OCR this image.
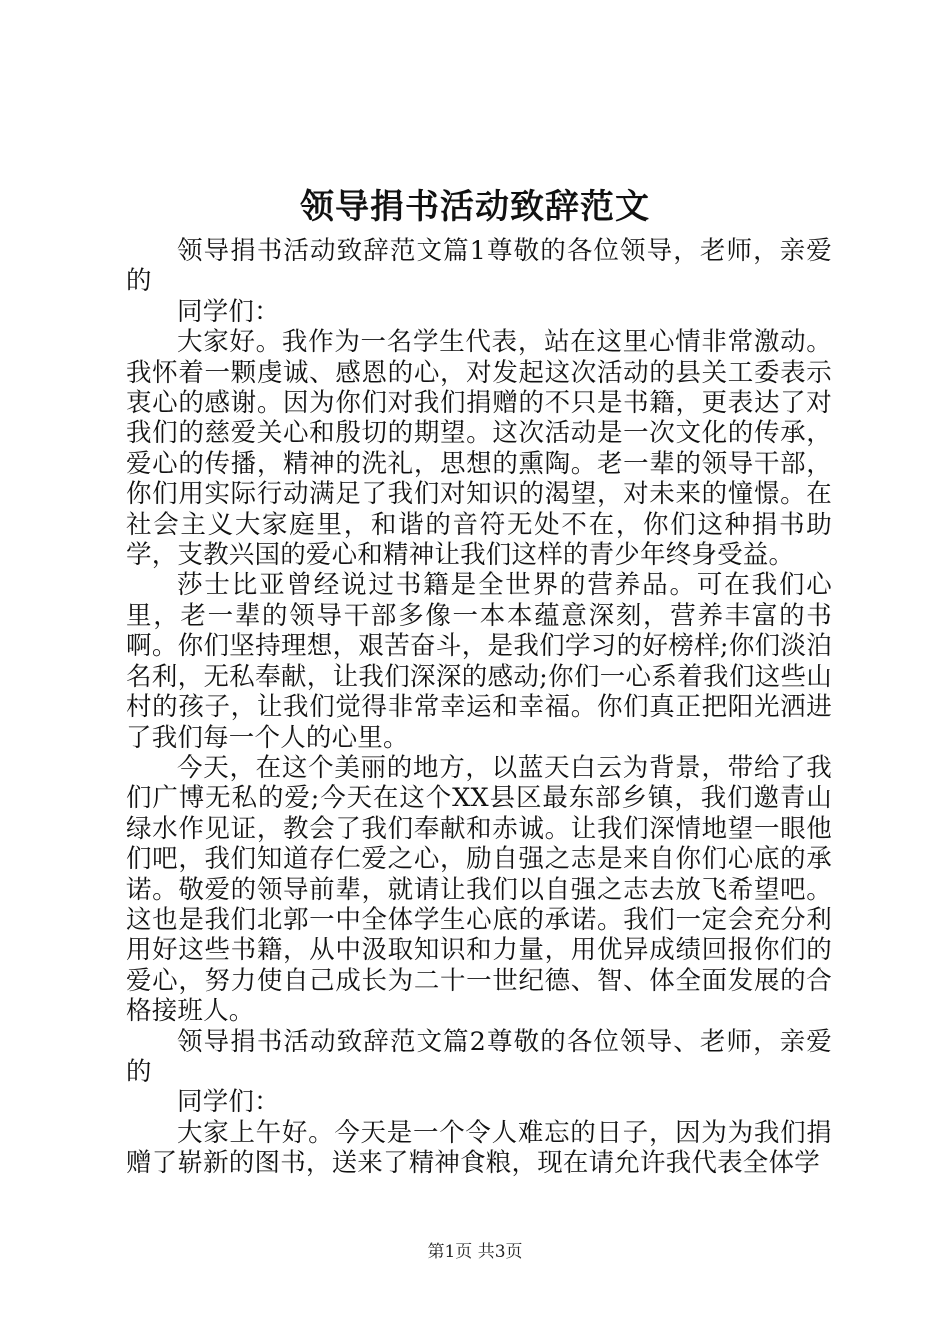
领导捐书活动致辞范文

领导捐书活动致辞范文篇1尊敬的各位领导，老师，亲爱的

同学们：

大家好。我作为一名学生代表，站在这里心情非常激动。我怀着一颗虔诚、感恩的心，对发起这次活动的县关工委表示衷心的感谢。因为你们对我们捐赠的不只是书籍，更表达了对我们的慈爱关心和殷切的期望。这次活动是一次文化的传承，爱心的传播，精神的洗礼，思想的熏陶。老一辈的领导干部，你们用实际行动满足了我们对知识的渴望，对未来的憧憬。在社会主义大家庭里，和谐的音符无处不在，你们这种捐书助学，支教兴国的爱心和精神让我们这样的青少年终身受益。

莎士比亚曾经说过书籍是全世界的营养品。可在我们心里，老一辈的领导干部多像一本本蕴意深刻，营养丰富的书啊。你们坚持理想，艰苦奋斗，是我们学习的好榜样;你们淡泊名利，无私奉献，让我们深深的感动;你们一心系着我们这些山村的孩子，让我们觉得非常幸运和幸福。你们真正把阳光洒进了我们每一个人的心里。

今天，在这个美丽的地方，以蓝天白云为背景，带给了我们广博无私的爱;今天在这个XX县区最东部乡镇，我们邀青山绿水作见证，教会了我们奉献和赤诚。让我们深情地望一眼他们吧，我们知道存仁爱之心，励自强之志是来自你们心底的承诺。敬爱的领导前辈，就请让我们以自强之志去放飞希望吧。这也是我们北郭一中全体学生心底的承诺。我们一定会充分利用好这些书籍，从中汲取知识和力量，用优异成绩回报你们的爱心，努力使自己成长为二十一世纪德、智、体全面发展的合格接班人。

领导捐书活动致辞范文篇2尊敬的各位领导、老师，亲爱的

同学们：

大家上午好。今天是一个令人难忘的日子，因为为我们捐赠了崭新的图书，送来了精神食粮，现在请允许我代表全体学

第1页 共3页
